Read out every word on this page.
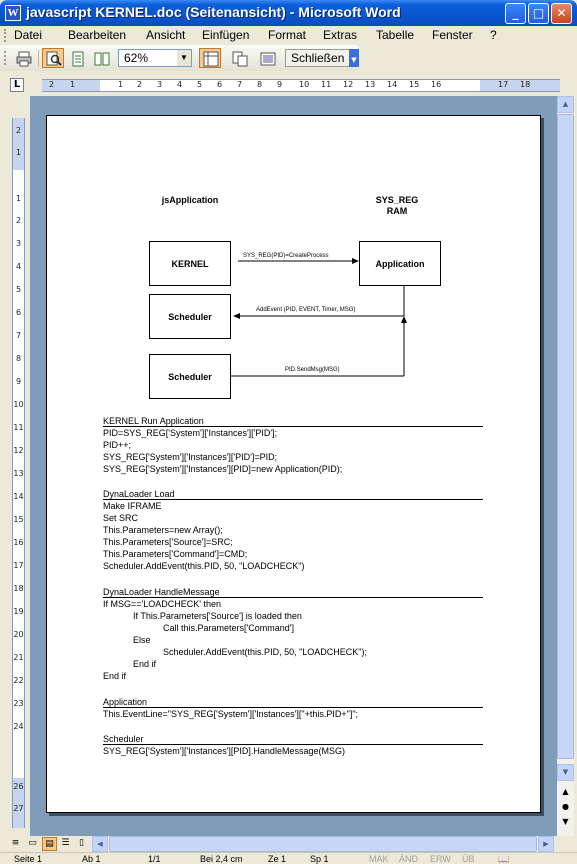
W javascript KERNEL.doc (Seitenansicht) - Microsoft Word	_	□	✕
Datei Bearbeiten Ansicht Einfügen Format Extras Tabelle Fenster ?
62%	▼	Schließen ▼
L	2 1	1 2 3 4 5 6 7 8 9 10 11 12 13 14 15 16	17 18
2
1
1
2
3
4
5
6
7
8
9
10
11
12
13
14
15
16
17
18
19
20
21
22
23
24
26
27
jsApplication	SYS_REG
RAM
KERNEL	Application
Scheduler
Scheduler
SYS_REG(PID)=CreateProcess
AddEvent (PID, EVENT, Timer, MSG)
PID.SendMsg(MSG)
KERNEL Run Application
PID=SYS_REG['System']['Instances']['PID'];
PID++;
SYS_REG['System']['Instances']['PID']=PID;
SYS_REG['System']['Instances'][PID]=new Application(PID);
DynaLoader Load
Make IFRAME
Set SRC
This.Parameters=new Array();
This.Parameters['Source']=SRC;
This.Parameters['Command']=CMD;
Scheduler.AddEvent(this.PID, 50, "LOADCHECK")
DynaLoader HandleMessage
If MSG=='LOADCHECK' then
If This.Parameters['Source'] is loaded then
Call this.Parameters['Command']
Else
Scheduler.AddEvent(this.PID, 50, "LOADCHECK");
End if
End if
Application
This.EventLine="SYS_REG['System']['Instances']["+this.PID+"]";
Scheduler
SYS_REG['System']['Instances'][PID].HandleMessage(MSG)
▲
▼
▲
●
▼
≡ ▭ ▤ ☰	▯	◀	▶
Seite 1	Ab 1	1/1	Bei 2,4 cm	Ze 1	Sp 1	MAK ÄND ERW ÜB	📖
